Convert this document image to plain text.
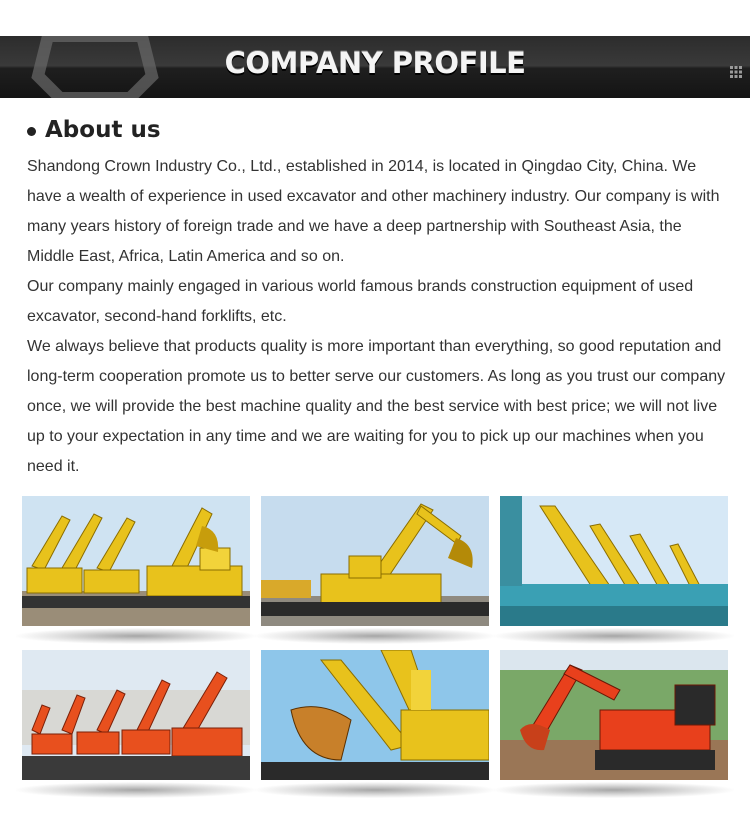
COMPANY PROFILE
About us

Shandong Crown Industry Co., Ltd., established in 2014, is located in Qingdao City, China. We have a wealth of experience in used excavator and other machinery industry. Our company is with many years history of foreign trade and we have a deep partnership with Southeast Asia, the Middle East, Africa, Latin America and so on.

Our company mainly engaged in various world famous brands construction equipment of used excavator, second-hand forklifts, etc.

We always believe that products quality is more important than everything, so good reputation and long-term cooperation promote us to better serve our customers. As long as you trust our company once, we will provide the best machine quality and the best service with best price; we will not live up to your expectation in any time and we are waiting for you to pick up our machines when you need it.
